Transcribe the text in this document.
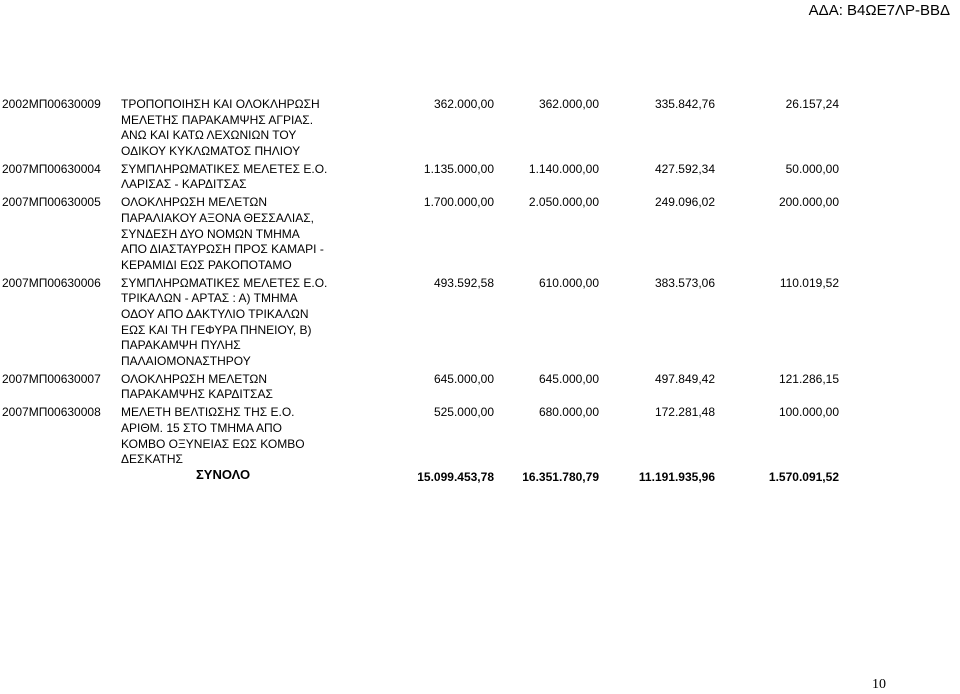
ΑΔΑ: Β4ΩΕ7ΛΡ-ΒΒΔ
2002ΜΠ00630009 ΤΡΟΠΟΠΟΙΗΣΗ ΚΑΙ ΟΛΟΚΛΗΡΩΣΗ
ΜΕΛΕΤΗΣ ΠΑΡΑΚΑΜΨΗΣ ΑΓΡΙΑΣ.
ΑΝΩ ΚΑΙ ΚΑΤΩ ΛΕΧΩΝΙΩΝ ΤΟΥ
ΟΔΙΚΟΥ ΚΥΚΛΩΜΑΤΟΣ ΠΗΛΙΟΥ
362.000,00	362.000,00	335.842,76	26.157,24
2007ΜΠ00630004 ΣΥΜΠΛΗΡΩΜΑΤΙΚΕΣ ΜΕΛΕΤΕΣ Ε.Ο.
ΛΑΡΙΣΑΣ - ΚΑΡΔΙΤΣΑΣ
1.135.000,00	1.140.000,00	427.592,34	50.000,00
2007ΜΠ00630005 ΟΛΟΚΛΗΡΩΣΗ ΜΕΛΕΤΩΝ
ΠΑΡΑΛΙΑΚΟΥ ΑΞΟΝΑ ΘΕΣΣΑΛΙΑΣ,
ΣΥΝΔΕΣΗ ΔΥΟ ΝΟΜΩΝ ΤΜΗΜΑ
ΑΠΟ ΔΙΑΣΤΑΥΡΩΣΗ ΠΡΟΣ ΚΑΜΑΡΙ -
ΚΕΡΑΜΙΔΙ ΕΩΣ ΡΑΚΟΠΟΤΑΜΟ
1.700.000,00	2.050.000,00	249.096,02	200.000,00
2007ΜΠ00630006 ΣΥΜΠΛΗΡΩΜΑΤΙΚΕΣ ΜΕΛΕΤΕΣ Ε.Ο.
ΤΡΙΚΑΛΩΝ - ΑΡΤΑΣ : Α) ΤΜΗΜΑ
ΟΔΟΥ ΑΠΟ ΔΑΚΤΥΛΙΟ ΤΡΙΚΑΛΩΝ
ΕΩΣ ΚΑΙ ΤΗ ΓΕΦΥΡΑ ΠΗΝΕΙΟΥ, Β)
ΠΑΡΑΚΑΜΨΗ ΠΥΛΗΣ
ΠΑΛΑΙΟΜΟΝΑΣΤΗΡΟΥ
493.592,58	610.000,00	383.573,06	110.019,52
2007ΜΠ00630007 ΟΛΟΚΛΗΡΩΣΗ ΜΕΛΕΤΩΝ
ΠΑΡΑΚΑΜΨΗΣ ΚΑΡΔΙΤΣΑΣ
645.000,00	645.000,00	497.849,42	121.286,15
2007ΜΠ00630008 ΜΕΛΕΤΗ ΒΕΛΤΙΩΣΗΣ ΤΗΣ Ε.Ο.
ΑΡΙΘΜ. 15 ΣΤΟ ΤΜΗΜΑ ΑΠΟ
ΚΟΜΒΟ ΟΞΥΝΕΙΑΣ ΕΩΣ ΚΟΜΒΟ
ΔΕΣΚΑΤΗΣ
525.000,00	680.000,00	172.281,48	100.000,00
ΣΥΝΟΛΟ	15.099.453,78 16.351.780,79	11.191.935,96	1.570.091,52
10
